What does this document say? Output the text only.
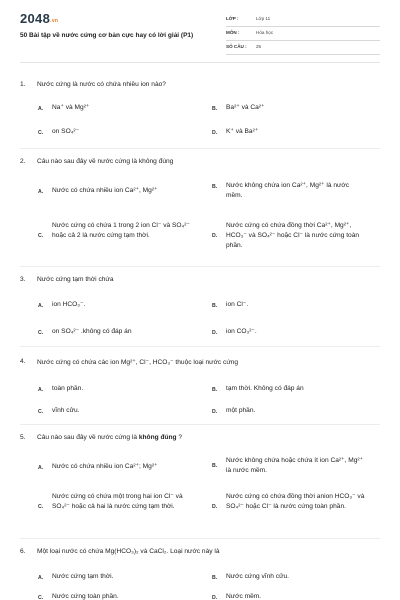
$2048_{.vn}$
50 Bài tập về nước cứng cơ bản cực hay có lời giải (P1)
LỚP :	Lớp 11
MÔN :	Hóa học
SỐ CÂU : 25
1.	Nước cứng là nước có chứa nhiều ion nào?
A.	Na⁺ và Mg²⁺	B.	Ba²⁺ và Ca²⁺
C.	on SO₄²⁻	D.	K⁺ và Ba²⁺
2.	Câu nào sau đây về nước cứng là không đúng
A.	Nước có chứa nhiều ion Ca²⁺, Mg²⁺	B.	Nước không chứa ion Ca²⁺, Mg²⁺ là nước mềm.
C.
Nước cứng có chứa 1 trong 2 ion Cl⁻ và SO₄²⁻ hoặc cả 2 là nước cứng tạm thời.	D.
Nước cứng có chứa đồng thời Ca²⁺, Mg²⁺, HCO₃⁻ và SO₄²⁻ hoặc Cl⁻ là nước cứng toàn phần.
3.	Nước cứng tạm thời chứa
A.	ion HCO₃⁻.	B.	ion Cl⁻.
C.	on SO₄²⁻ .không có đáp án	D.	ion CO₃²⁻.
4.	Nước cứng có chứa các ion Mg²⁺, Cl⁻, HCO₃⁻ thuộc loại nước cứng
A.	toàn phần.	B.	tạm thời. Không có đáp án
C.	vĩnh cửu.	D.	một phần.
5.	Câu nào sau đây về nước cứng là không đúng ?
A.	Nước có chứa nhiều ion Ca²⁺; Mg²⁺	B.
Nước không chứa hoặc chứa ít ion Ca²⁺, Mg²⁺ là nước mềm.
C.
Nước cứng có chứa một trong hai ion Cl⁻ và SO₄²⁻ hoặc cả hai là nước cứng tạm thời.	D.
Nước cứng có chứa đồng thời anion HCO₃⁻ và SO₄²⁻ hoặc Cl⁻ là nước cứng toàn phần.
6.	Một loại nước có chứa Mg(HCO₃)₂ và CaCl₂. Loại nước này là
A.	Nước cứng tạm thời.	B.	Nước cứng vĩnh cửu.
C.	Nước cứng toàn phần.	D.	Nước mềm.
